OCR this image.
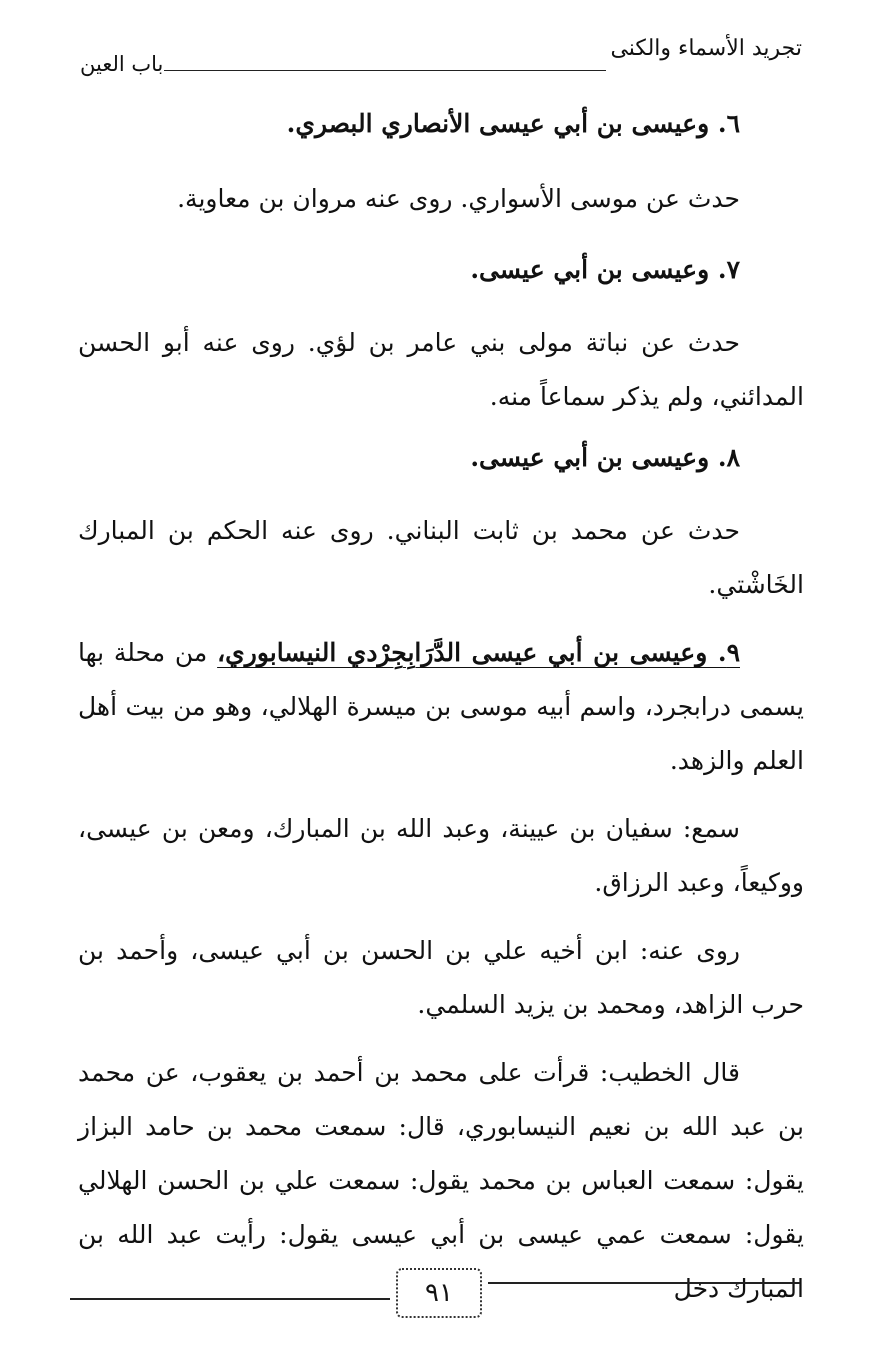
تجريد الأسماء والكنى
باب العين

٦. وعيسى بن أبي عيسى الأنصاري البصري.

حدث عن موسى الأسواري. روى عنه مروان بن معاوية.

٧. وعيسى بن أبي عيسى.

حدث عن نباتة مولى بني عامر بن لؤي. روى عنه أبو الحسن المدائني، ولم يذكر سماعاً منه.

٨. وعيسى بن أبي عيسى.

حدث عن محمد بن ثابت البناني. روى عنه الحكم بن المبارك الخَاشْتي.

٩. وعيسى بن أبي عيسى الدَّرَابِجِرْدي النيسابوري، من محلة بها يسمى درابجرد، واسم أبيه موسى بن ميسرة الهلالي، وهو من بيت أهل العلم والزهد.

سمع: سفيان بن عيينة، وعبد الله بن المبارك، ومعن بن عيسى، ووكيعاً، وعبد الرزاق.

روى عنه: ابن أخيه علي بن الحسن بن أبي عيسى، وأحمد بن حرب الزاهد، ومحمد بن يزيد السلمي.

قال الخطيب: قرأت على محمد بن أحمد بن يعقوب، عن محمد بن عبد الله بن نعيم النيسابوري، قال: سمعت محمد بن حامد البزاز يقول: سمعت العباس بن محمد يقول: سمعت علي بن الحسن الهلالي يقول: سمعت عمي عيسى بن أبي عيسى يقول: رأيت عبد الله بن المبارك دخل

٩١
